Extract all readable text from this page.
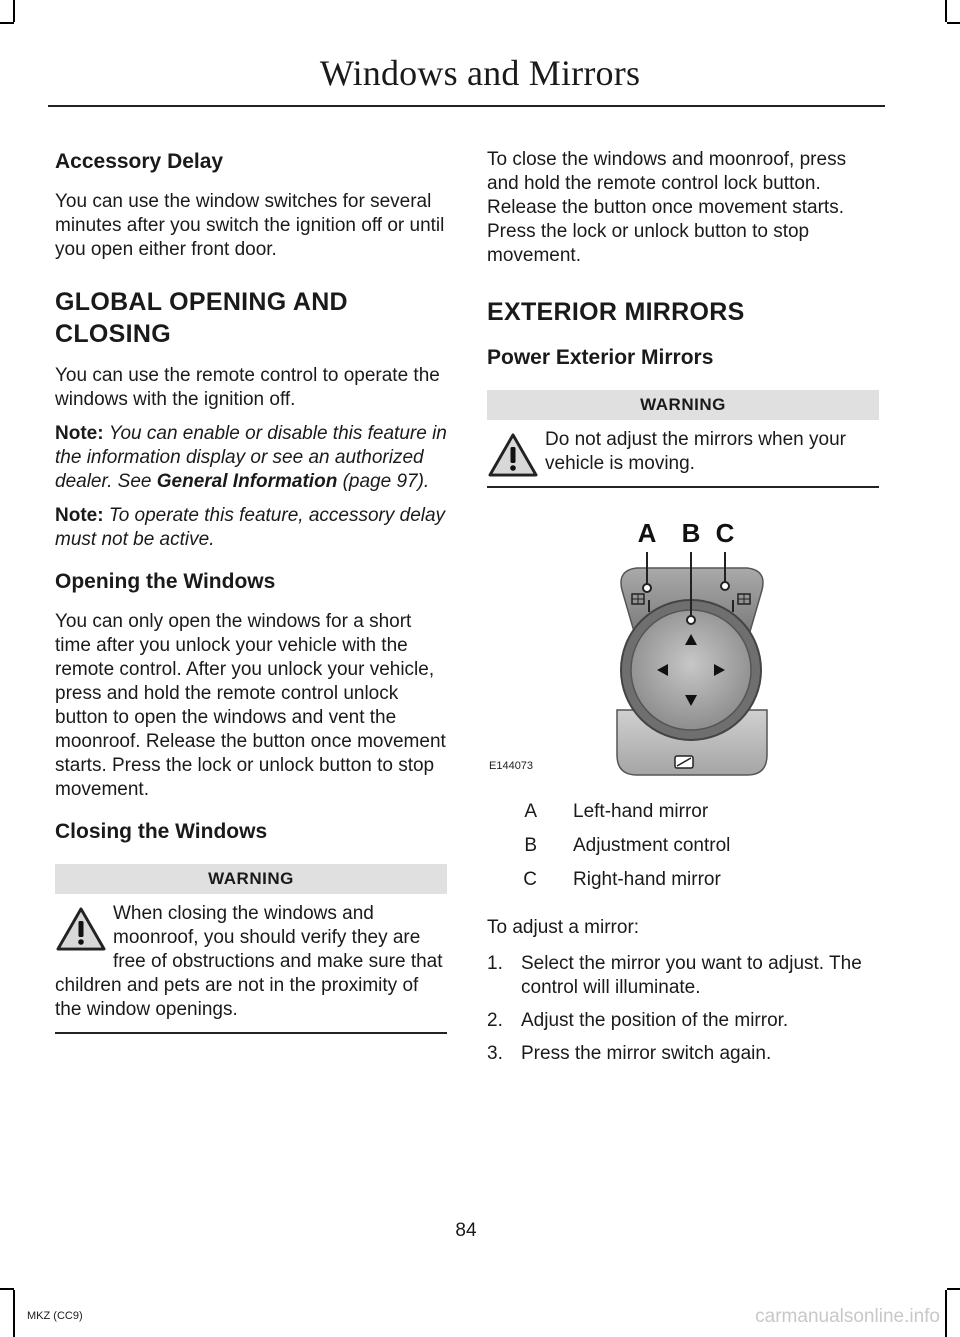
Windows and Mirrors
Accessory Delay

You can use the window switches for several minutes after you switch the ignition off or until you open either front door.

GLOBAL OPENING AND
CLOSING

You can use the remote control to operate the windows with the ignition off.

Note: You can enable or disable this feature in the information display or see an authorized dealer. See General Information (page 97).

Note: To operate this feature, accessory delay must not be active.

Opening the Windows

You can only open the windows for a short time after you unlock your vehicle with the remote control. After you unlock your vehicle, press and hold the remote control unlock button to open the windows and vent the moonroof. Release the button once movement starts. Press the lock or unlock button to stop movement.

Closing the Windows
WARNING
When closing the windows and moonroof, you should verify they are free of obstructions and make sure that children and pets are not in the proximity of the window openings.

To close the windows and moonroof, press and hold the remote control lock button. Release the button once movement starts. Press the lock or unlock button to stop movement.

EXTERIOR MIRRORS
Power Exterior Mirrors
WARNING
Do not adjust the mirrors when your vehicle is moving.
A B C
E144073
A	Left-hand mirror
B	Adjustment control
C	Right-hand mirror

To adjust a mirror:

1. Select the mirror you want to adjust. The control will illuminate.
2. Adjust the position of the mirror.
3. Press the mirror switch again.
84
MKZ (CC9)	carmanualsonline.info
